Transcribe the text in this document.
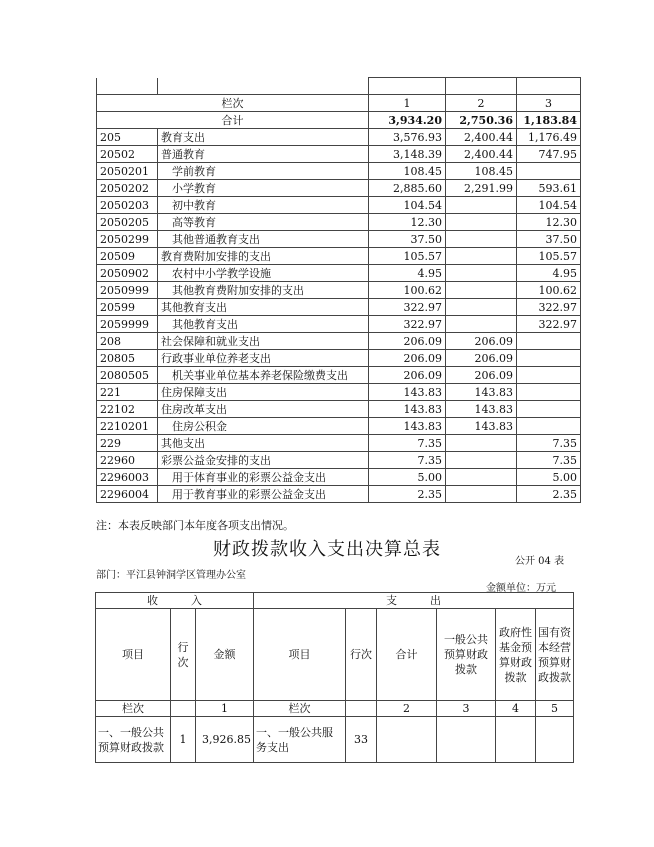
栏次		1	2	3
合计		3,934.20	2,750.36	1,183.84
205	教育支出	3,576.93	2,400.44	1,176.49
20502	普通教育	3,148.39	2,400.44	747.95
2050201	学前教育	108.45	108.45	
2050202	小学教育	2,885.60	2,291.99	593.61
2050203	初中教育	104.54		104.54
2050205	高等教育	12.30		12.30
2050299	其他普通教育支出	37.50		37.50
20509	教育费附加安排的支出	105.57		105.57
2050902	农村中小学教学设施	4.95		4.95
2050999	其他教育费附加安排的支出	100.62		100.62
20599	其他教育支出	322.97		322.97
2059999	其他教育支出	322.97		322.97
208	社会保障和就业支出	206.09	206.09	
20805	行政事业单位养老支出	206.09	206.09	
2080505	机关事业单位基本养老保险缴费支出	206.09	206.09	
221	住房保障支出	143.83	143.83	
22102	住房改革支出	143.83	143.83	
2210201	住房公积金	143.83	143.83	
229	其他支出	7.35		7.35
22960	彩票公益金安排的支出	7.35		7.35
2296003	用于体育事业的彩票公益金支出	5.00		5.00
2296004	用于教育事业的彩票公益金支出	2.35		2.35
注：本表反映部门本年度各项支出情况。
财政拨款收入支出决算总表
公开 04 表
部门：平江县钟洞学区管理办公室
金额单位：万元
收　　　入			支　　　出					
项目	行次	金额	项目	行次	合计	一般公共预算财政拨款	政府性基金预算财政拨款	国有资本经营预算财政拨款
栏次		1	栏次		2	3	4	5
一、一般公共预算财政拨款	1	3,926.85	一、一般公共服务支出	33				
